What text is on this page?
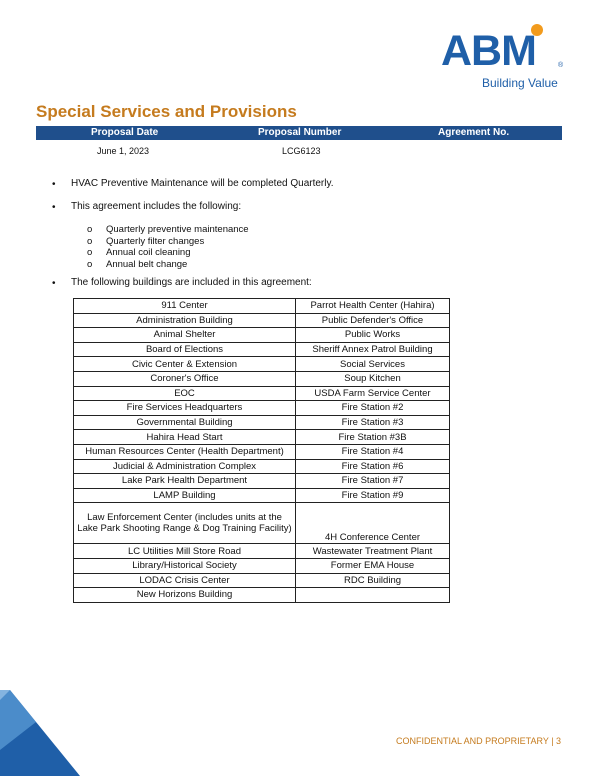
ABM	®
Building Value
Special Services and Provisions
Proposal Date	Proposal Number	Agreement No.
June 1, 2023	LCG6123
• HVAC Preventive Maintenance will be completed Quarterly.
• This agreement includes the following:
o Quarterly preventive maintenance
o Quarterly filter changes
o Annual coil cleaning
o Annual belt change
• The following buildings are included in this agreement:
911 Center	Parrot Health Center (Hahira)
Administration Building	Public Defender's Office
Animal Shelter	Public Works
Board of Elections	Sheriff Annex Patrol Building
Civic Center & Extension	Social Services
Coroner's Office	Soup Kitchen
EOC	USDA Farm Service Center
Fire Services Headquarters	Fire Station #2
Governmental Building	Fire Station #3
Hahira Head Start	Fire Station #3B
Human Resources Center (Health Department)	Fire Station #4
Judicial & Administration Complex	Fire Station #6
Lake Park Health Department	Fire Station #7
LAMP Building	Fire Station #9
Law Enforcement Center (includes units at the Lake Park Shooting Range & Dog Training Facility)	4H Conference Center
LC Utilities Mill Store Road	Wastewater Treatment Plant
Library/Historical Society	Former EMA House
LODAC Crisis Center	RDC Building
New Horizons Building	
CONFIDENTIAL AND PROPRIETARY | 3
